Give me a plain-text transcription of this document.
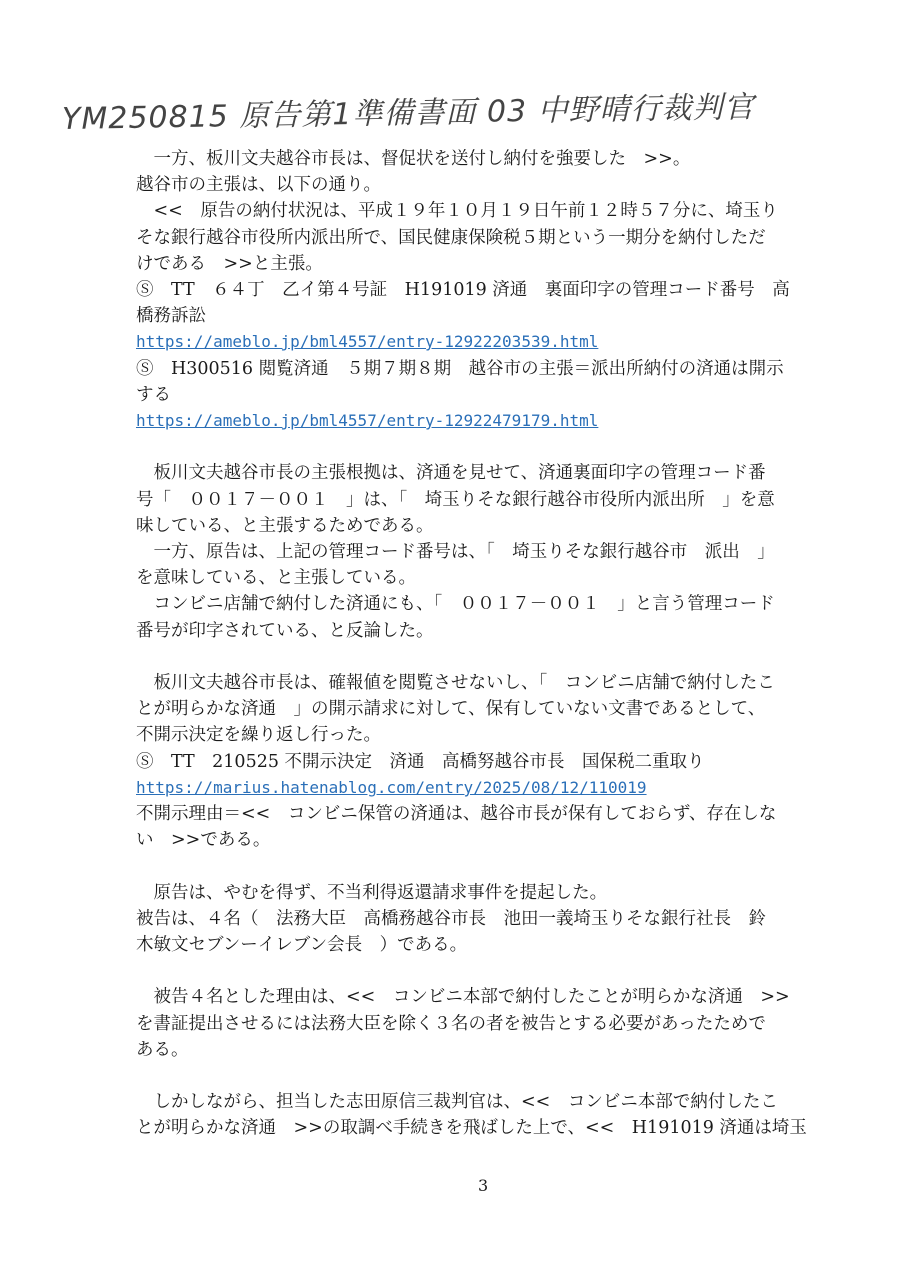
YM250815 原告第1準備書面 03 中野晴行裁判官
　一方、板川文夫越谷市長は、督促状を送付し納付を強要した　>>。
越谷市の主張は、以下の通り。
　<<　原告の納付状況は、平成１９年１０月１９日午前１２時５７分に、埼玉り
そな銀行越谷市役所内派出所で、国民健康保険税５期という一期分を納付しただ
けである　>>と主張。
Ⓢ　TT　６４丁　乙イ第４号証　H191019 済通　裏面印字の管理コード番号　高
橋務訴訟
https://ameblo.jp/bml4557/entry-12922203539.html
Ⓢ　H300516 閲覧済通　５期７期８期　越谷市の主張＝派出所納付の済通は開示
する
https://ameblo.jp/bml4557/entry-12922479179.html
　板川文夫越谷市長の主張根拠は、済通を見せて、済通裏面印字の管理コード番
号「　００１７－００１　」は、「　埼玉りそな銀行越谷市役所内派出所　」を意
味している、と主張するためである。
　一方、原告は、上記の管理コード番号は、「　埼玉りそな銀行越谷市　派出　」
を意味している、と主張している。
　コンビニ店舗で納付した済通にも、「　００１７－００１　」と言う管理コード
番号が印字されている、と反論した。
　板川文夫越谷市長は、確報値を閲覧させないし、「　コンビニ店舗で納付したこ
とが明らかな済通　」の開示請求に対して、保有していない文書であるとして、
不開示決定を繰り返し行った。
Ⓢ　TT　210525 不開示決定　済通　高橋努越谷市長　国保税二重取り
https://marius.hatenablog.com/entry/2025/08/12/110019
不開示理由＝<<　コンビニ保管の済通は、越谷市長が保有しておらず、存在しな
い　>>である。
　原告は、やむを得ず、不当利得返還請求事件を提起した。
被告は、４名（　法務大臣　高橋務越谷市長　池田一義埼玉りそな銀行社長　鈴
木敏文セブンーイレブン会長　）である。
　被告４名とした理由は、<<　コンビニ本部で納付したことが明らかな済通　>>
を書証提出させるには法務大臣を除く３名の者を被告とする必要があったためで
ある。
　しかしながら、担当した志田原信三裁判官は、<<　コンビニ本部で納付したこ
とが明らかな済通　>>の取調べ手続きを飛ばした上で、<<　H191019 済通は埼玉
3
